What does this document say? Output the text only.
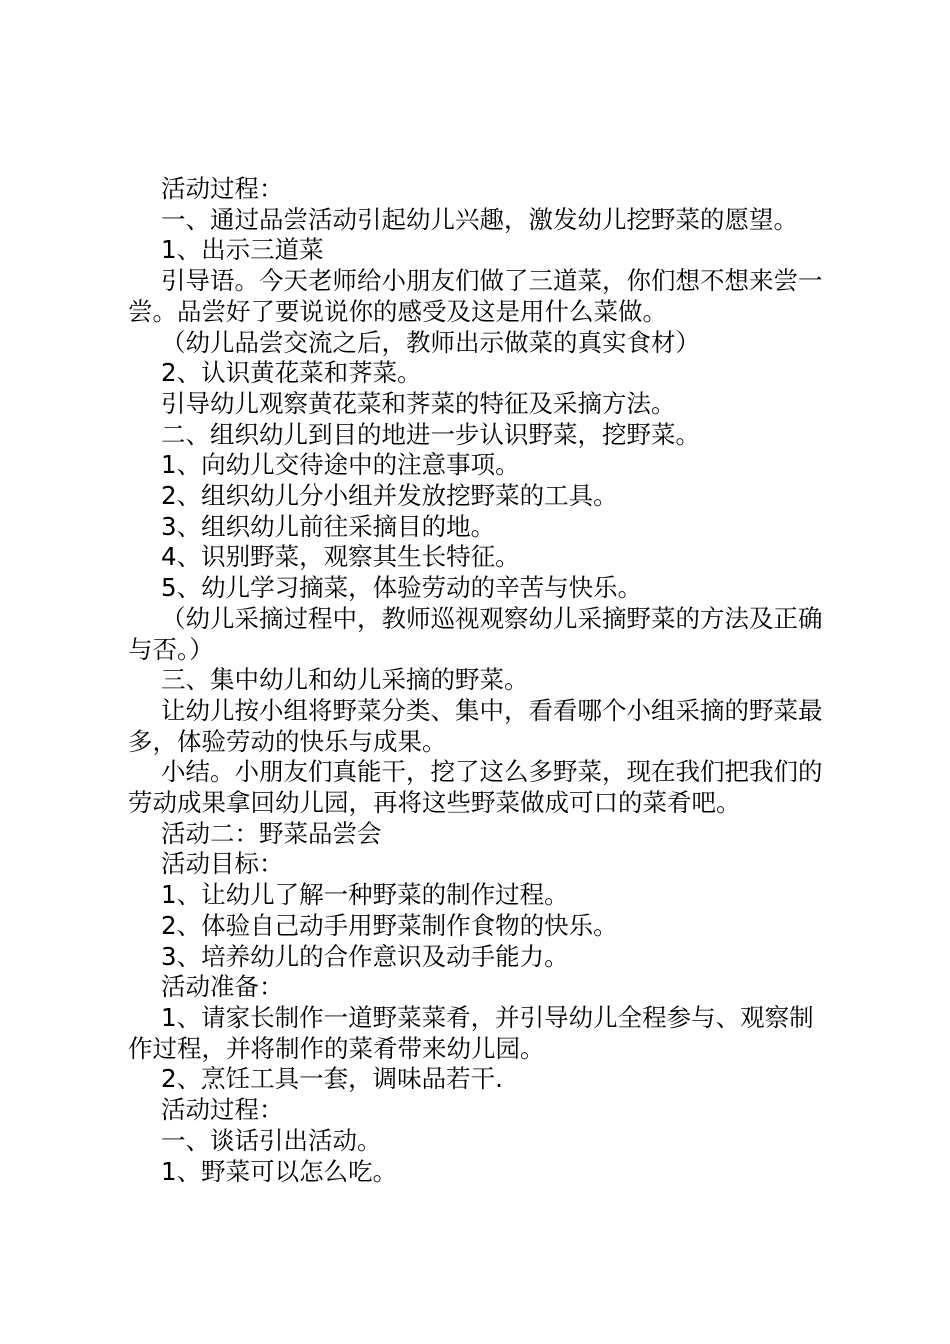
活动过程：

一、通过品尝活动引起幼儿兴趣，激发幼儿挖野菜的愿望。

1、出示三道菜

引导语。今天老师给小朋友们做了三道菜，你们想不想来尝一尝。品尝好了要说说你的感受及这是用什么菜做。

（幼儿品尝交流之后，教师出示做菜的真实食材）

2、认识黄花菜和荠菜。

引导幼儿观察黄花菜和荠菜的特征及采摘方法。

二、组织幼儿到目的地进一步认识野菜，挖野菜。

1、向幼儿交待途中的注意事项。

2、组织幼儿分小组并发放挖野菜的工具。

3、组织幼儿前往采摘目的地。

4、识别野菜，观察其生长特征。

5、幼儿学习摘菜，体验劳动的辛苦与快乐。

（幼儿采摘过程中，教师巡视观察幼儿采摘野菜的方法及正确与否。）

三、集中幼儿和幼儿采摘的野菜。

让幼儿按小组将野菜分类、集中，看看哪个小组采摘的野菜最多，体验劳动的快乐与成果。

小结。小朋友们真能干，挖了这么多野菜，现在我们把我们的劳动成果拿回幼儿园，再将这些野菜做成可口的菜肴吧。

活动二：野菜品尝会

活动目标：

1、让幼儿了解一种野菜的制作过程。

2、体验自己动手用野菜制作食物的快乐。

3、培养幼儿的合作意识及动手能力。

活动准备：

1、请家长制作一道野菜菜肴，并引导幼儿全程参与、观察制作过程，并将制作的菜肴带来幼儿园。

2、烹饪工具一套，调味品若干.

活动过程：

一、谈话引出活动。

1、野菜可以怎么吃。
